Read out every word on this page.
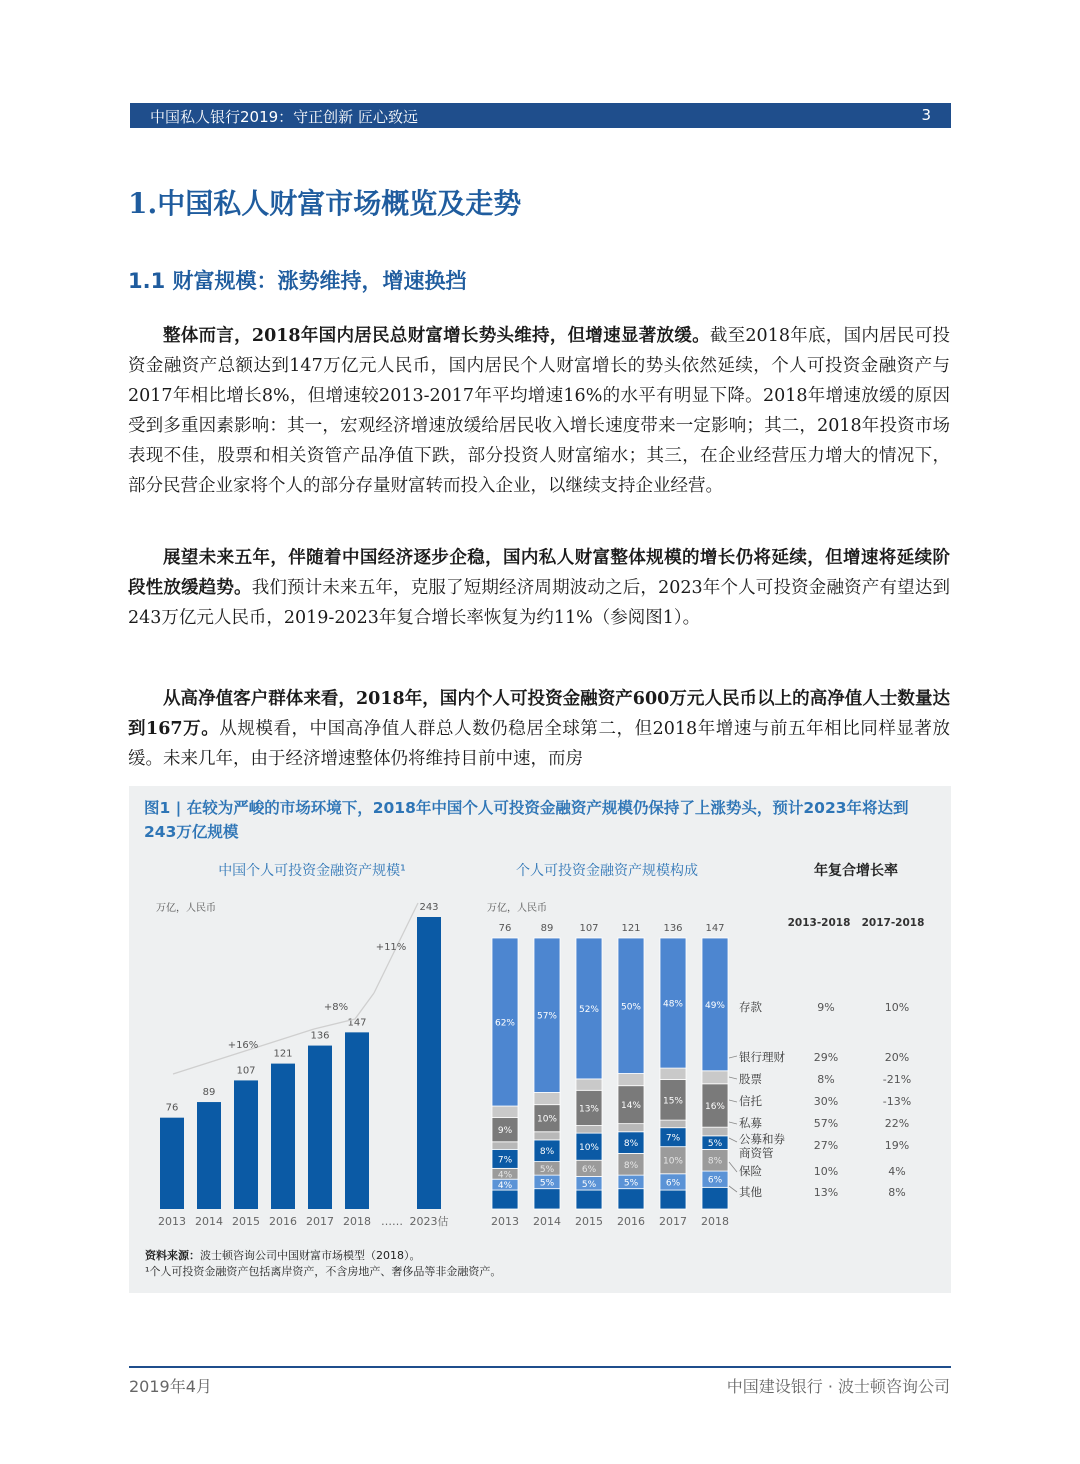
中国私人银行2019：守正创新 匠心致远	3
1.中国私人财富市场概览及走势
1.1 财富规模：涨势维持，增速换挡

整体而言，2018年国内居民总财富增长势头维持，但增速显著放缓。截至2018年底，国内居民可投资金融资产总额达到147万亿元人民币，国内居民个人财富增长的势头依然延续，个人可投资金融资产与2017年相比增长8%，但增速较2013-2017年平均增速16%的水平有明显下降。2018年增速放缓的原因受到多重因素影响：其一，宏观经济增速放缓给居民收入增长速度带来一定影响；其二，2018年投资市场表现不佳，股票和相关资管产品净值下跌，部分投资人财富缩水；其三，在企业经营压力增大的情况下，部分民营企业家将个人的部分存量财富转而投入企业，以继续支持企业经营。

展望未来五年，伴随着中国经济逐步企稳，国内私人财富整体规模的增长仍将延续，但增速将延续阶段性放缓趋势。我们预计未来五年，克服了短期经济周期波动之后，2023年个人可投资金融资产有望达到243万亿元人民币，2019-2023年复合增长率恢复为约11%（参阅图1）。

从高净值客户群体来看，2018年，国内个人可投资金融资产600万元人民币以上的高净值人士数量达到167万。从规模看，中国高净值人群总人数仍稳居全球第二，但2018年增速与前五年相比同样显著放缓。未来几年，由于经济增速整体仍将维持目前中速，而房

图1 | 在较为严峻的市场环境下，2018年中国个人可投资金融资产规模仍保持了上涨势头，预计2023年将达到243万亿规模
中国个人可投资金融资产规模¹
万亿，人民币
76
2013
89
2014
107
2015
121
2016
136
2017
147
2018
243
2023估
……
+16%
+8%
+11%
个人可投资金融资产规模构成
万亿，人民币
4%
4%
7%
9%
62%
76
2013
5%
5%
8%
10%
57%
89
2014
5%
6%
10%
13%
52%
107
2015
5%
8%
8%
14%
50%
121
2016
6%
10%
7%
15%
48%
136
2017
6%
8%
5%
16%
49%
147
2018
年复合增长率
2013-2018 2017-2018
存款	9%	10%
银行理财	29%	20%
股票	8%	-21%
信托	30%	-13%
私募	57%	22%
公募和券
商资管
27%	19%
保险	10%	4%
其他	13%	8%
资料来源：波士顿咨询公司中国财富市场模型（2018）。
¹个人可投资金融资产包括离岸资产，不含房地产、奢侈品等非金融资产。
2019年4月	中国建设银行 · 波士顿咨询公司
